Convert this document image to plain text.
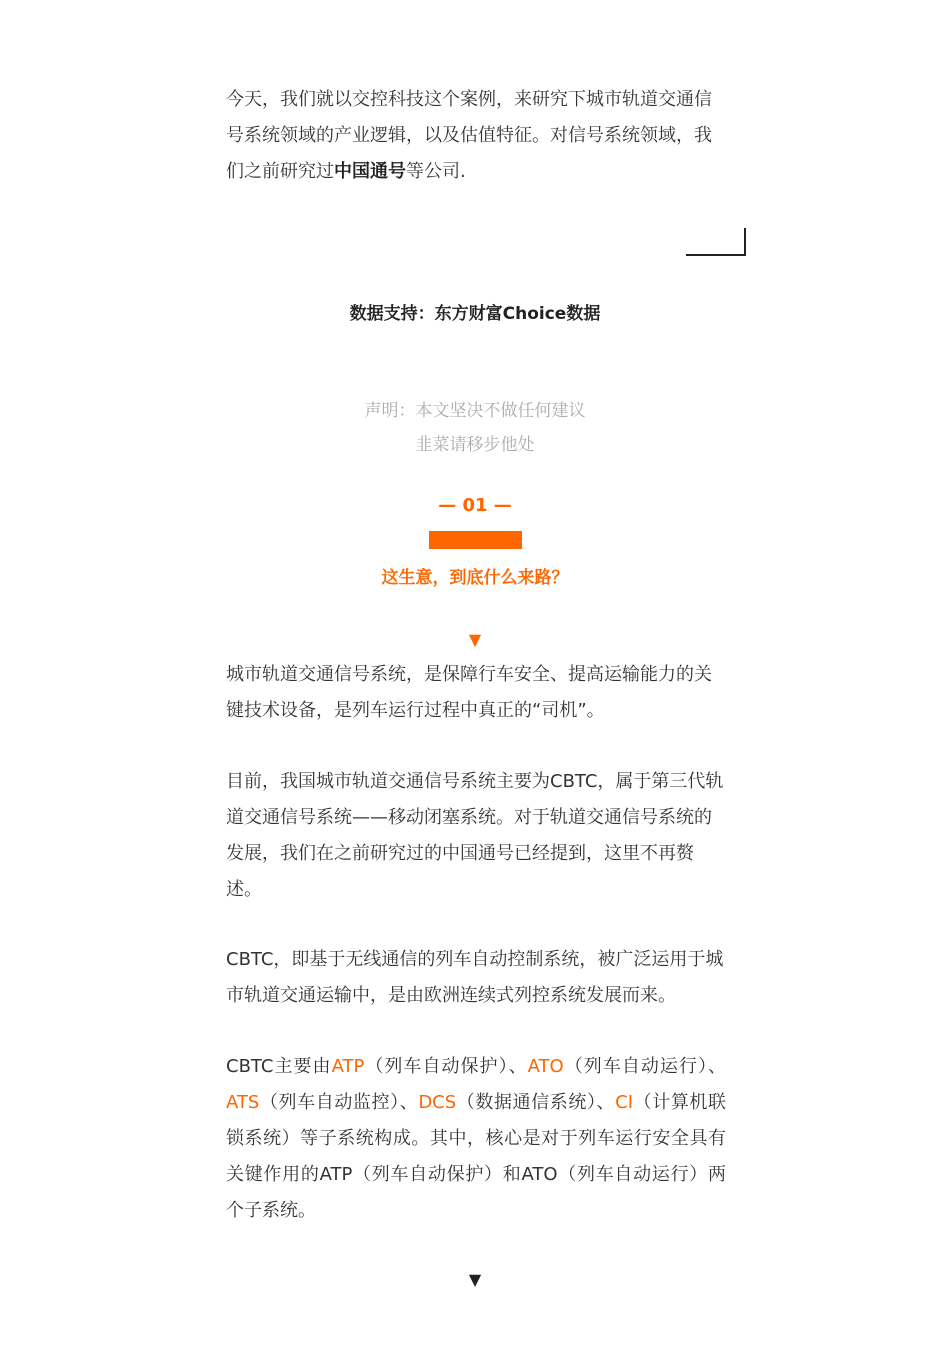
今天，我们就以交控科技这个案例，来研究下城市轨道交通信号系统领域的产业逻辑，以及估值特征。对信号系统领域，我们之前研究过中国通号等公司.

数据支持：东方财富Choice数据
声明：本文坚决不做任何建议
韭菜请移步他处
— 01 —
这生意，到底什么来路？
▼

城市轨道交通信号系统，是保障行车安全、提高运输能力的关键技术设备，是列车运行过程中真正的“司机”。

目前，我国城市轨道交通信号系统主要为CBTC，属于第三代轨道交通信号系统——移动闭塞系统。对于轨道交通信号系统的发展，我们在之前研究过的中国通号已经提到，这里不再赘述。

CBTC，即基于无线通信的列车自动控制系统，被广泛运用于城市轨道交通运输中，是由欧洲连续式列控系统发展而来。

CBTC主要由ATP（列车自动保护）、ATO（列车自动运行）、ATS（列车自动监控）、DCS（数据通信系统）、CI（计算机联锁系统）等子系统构成。其中，核心是对于列车运行安全具有关键作用的ATP（列车自动保护）和ATO（列车自动运行）两个子系统。

▼
